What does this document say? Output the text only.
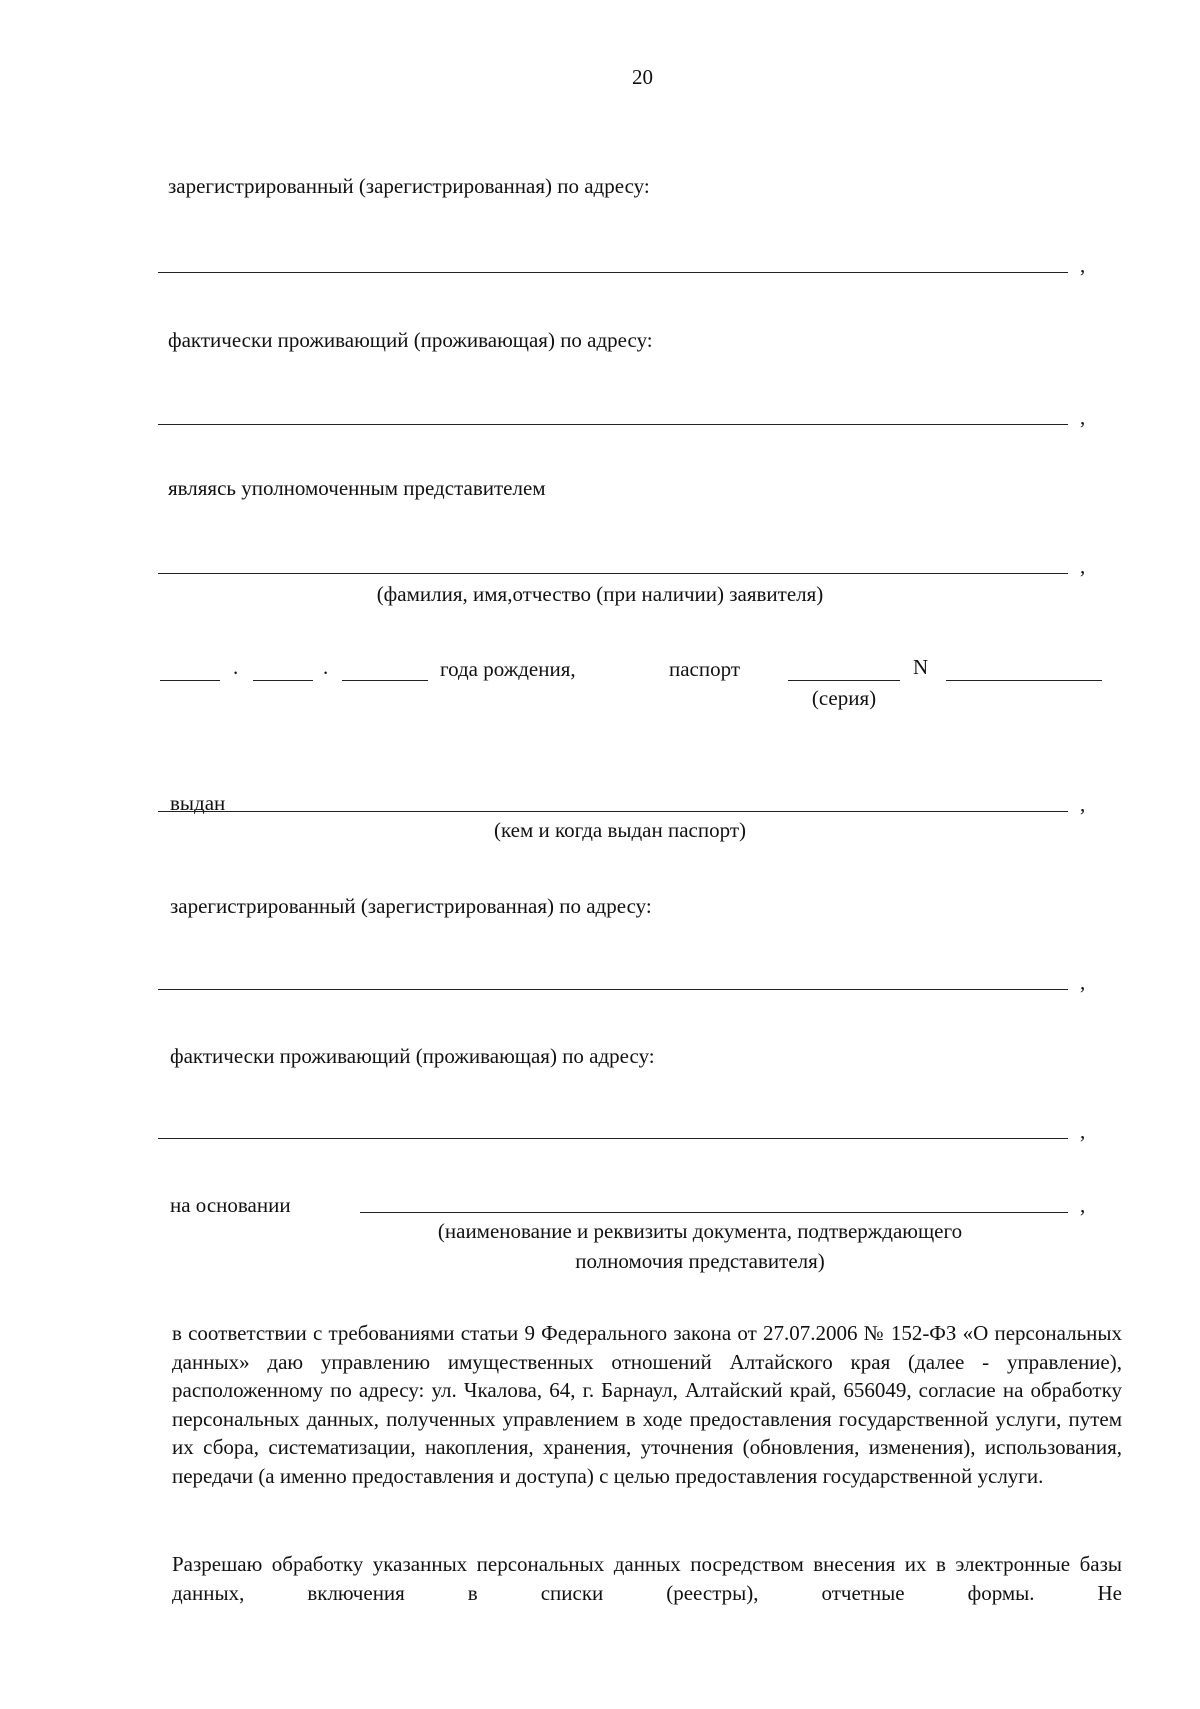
20
зарегистрированный (зарегистрированная) по адресу:
,
фактически проживающий (проживающая) по адресу:
,
являясь уполномоченным представителем
,
(фамилия, имя,отчество (при наличии) заявителя)
.	.	года рождения,	паспорт	N
(серия)
выдан	,
(кем и когда выдан паспорт)
зарегистрированный (зарегистрированная) по адресу:
,
фактически проживающий (проживающая) по адресу:
,
на основании	,
(наименование и реквизиты документа, подтверждающего
полномочия представителя)
в соответствии с требованиями статьи 9 Федерального закона от 27.07.2006 № 152-ФЗ «О персональных данных» даю управлению имущественных отношений Алтайского края (далее - управление), расположенному по адресу: ул. Чкалова, 64, г. Барнаул, Алтайский край, 656049, согласие на обработку персональных данных, полученных управлением в ходе предоставления государственной услуги, путем их сбора, систематизации, накопления, хранения, уточнения (обновления, изменения), использования, передачи (а именно предоставления и доступа) с целью предоставления государственной услуги.
Разрешаю обработку указанных персональных данных посредством внесения их в электронные базы данных, включения в списки (реестры), отчетные формы. Не
